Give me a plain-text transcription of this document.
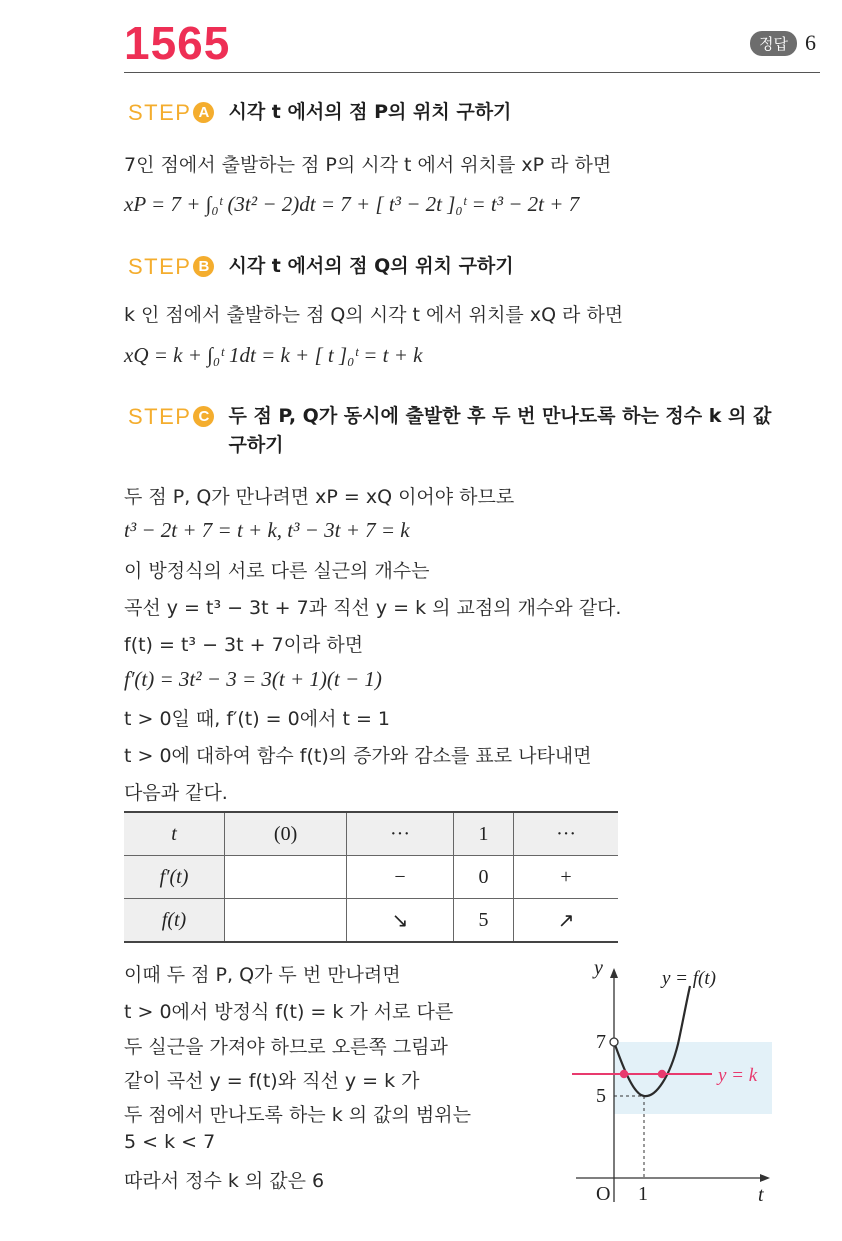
1565	정답 6
STEP A 시각 t 에서의 점 P의 위치 구하기
7인 점에서 출발하는 점 P의 시각 t 에서 위치를 xP 라 하면
xP = 7 + ∫₀ᵗ (3t² − 2)dt = 7 + [ t³ − 2t ]₀ᵗ = t³ − 2t + 7
STEP B 시각 t 에서의 점 Q의 위치 구하기
k 인 점에서 출발하는 점 Q의 시각 t 에서 위치를 xQ 라 하면
xQ = k + ∫₀ᵗ 1dt = k + [ t ]₀ᵗ = t + k
STEP C 두 점 P, Q가 동시에 출발한 후 두 번 만나도록 하는 정수 k 의 값
구하기
두 점 P, Q가 만나려면 xP = xQ 이어야 하므로
t³ − 2t + 7 = t + k, t³ − 3t + 7 = k
이 방정식의 서로 다른 실근의 개수는
곡선 y = t³ − 3t + 7과 직선 y = k 의 교점의 개수와 같다.
f(t) = t³ − 3t + 7이라 하면
f′(t) = 3t² − 3 = 3(t + 1)(t − 1)
t > 0일 때, f′(t) = 0에서 t = 1
t > 0에 대하여 함수 f(t)의 증가와 감소를 표로 나타내면
다음과 같다.
t	(0)	···	1	···
f′(t)		−	0	+
f(t)		↘	5	↗
이때 두 점 P, Q가 두 번 만나려면
t > 0에서 방정식 f(t) = k 가 서로 다른
두 실근을 가져야 하므로 오른쪽 그림과
같이 곡선 y = f(t)와 직선 y = k 가
두 점에서 만나도록 하는 k 의 값의 범위는
5 < k < 7
따라서 정수 k 의 값은 6
y
t
O 1
5
7
y = f(t)
y = k
